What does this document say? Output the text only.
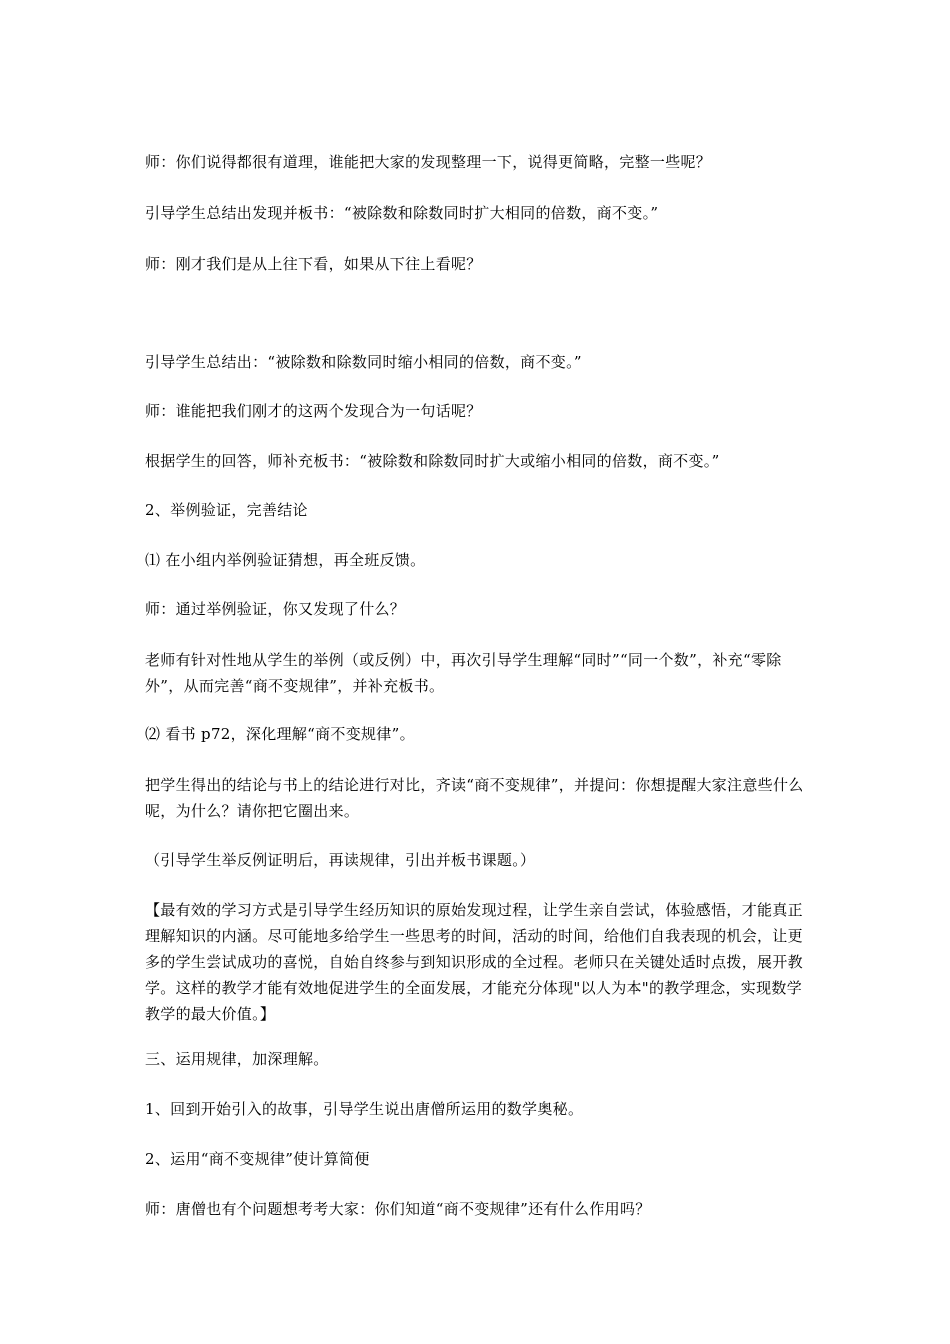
师：你们说得都很有道理，谁能把大家的发现整理一下，说得更简略，完整一些呢？

引导学生总结出发现并板书：“被除数和除数同时扩大相同的倍数，商不变。”

师：刚才我们是从上往下看，如果从下往上看呢？

引导学生总结出：“被除数和除数同时缩小相同的倍数，商不变。”

师：谁能把我们刚才的这两个发现合为一句话呢？

根据学生的回答，师补充板书：“被除数和除数同时扩大或缩小相同的倍数，商不变。”

2、举例验证，完善结论

⑴ 在小组内举例验证猜想，再全班反馈。

师：通过举例验证，你又发现了什么？

老师有针对性地从学生的举例（或反例）中，再次引导学生理解“同时”“同一个数”，补充“零除外”，从而完善“商不变规律”，并补充板书。

⑵ 看书 p72，深化理解“商不变规律”。

把学生得出的结论与书上的结论进行对比，齐读“商不变规律”，并提问：你想提醒大家注意些什么呢，为什么？请你把它圈出来。

（引导学生举反例证明后，再读规律，引出并板书课题。）

【最有效的学习方式是引导学生经历知识的原始发现过程，让学生亲自尝试，体验感悟，才能真正理解知识的内涵。尽可能地多给学生一些思考的时间，活动的时间，给他们自我表现的机会，让更多的学生尝试成功的喜悦，自始自终参与到知识形成的全过程。老师只在关键处适时点拨，展开教学。这样的教学才能有效地促进学生的全面发展，才能充分体现"以人为本"的教学理念，实现数学教学的最大价值。】

三、运用规律，加深理解。

1、回到开始引入的故事，引导学生说出唐僧所运用的数学奥秘。

2、运用“商不变规律”使计算简便

师：唐僧也有个问题想考考大家：你们知道“商不变规律”还有什么作用吗？
